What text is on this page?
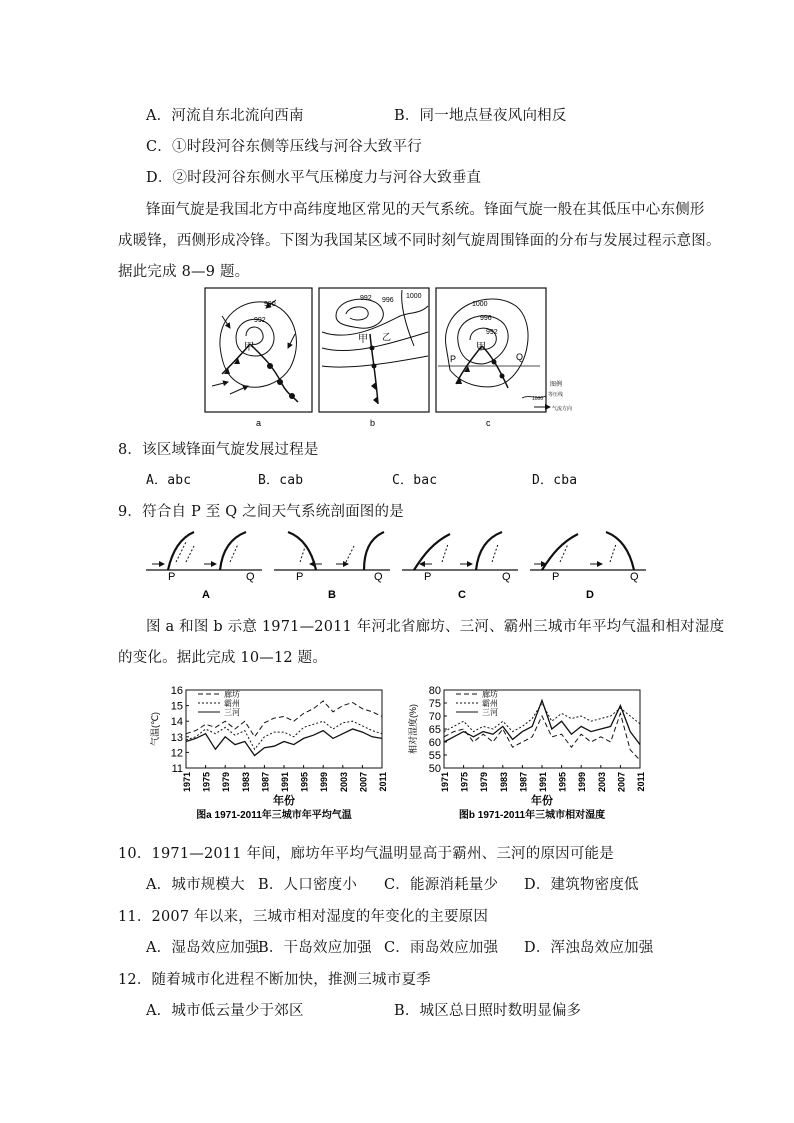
A．河流自东北流向西南	B．同一地点昼夜风向相反
C．①时段河谷东侧等压线与河谷大致平行
D．②时段河谷东侧水平气压梯度力与河谷大致垂直
锋面气旋是我国北方中高纬度地区常见的天气系统。锋面气旋一般在其低压中心东侧形
成暖锋，西侧形成冷锋。下图为我国某区域不同时刻气旋周围锋面的分布与发展过程示意图。
据此完成 8—9 题。
990
992
甲
a
992 996
1000
甲 乙
b
1000
996
992
甲
P	Q
c
图例
1000
等压线
气流方向
8．该区域锋面气旋发展过程是
A．abc	B．cab	C．bac	D．cba
9．符合自 P 至 Q 之间天气系统剖面图的是
P	Q
A
P	Q
B
P	Q
C
P	Q
D
图 a 和图 b 示意 1971—2011 年河北省廊坊、三河、霸州三城市年平均气温和相对湿度
的变化。据此完成 10—12 题。
11
12
13
14
15
16
1971 1975 1979 1983 1987 1991 1995 1999 2003 2007 2011
气温(℃)
年份
图a 1971-2011年三城市年平均气温
廊坊
霸州
三河
50
55
60
65
70
75
80
1971 1975 1979 1983 1987 1991 1995 1999 2003 2007 2011
相对湿度(%)
年份
图b 1971-2011年三城市相对湿度
廊坊
霸州
三河
10．1971—2011 年间，廊坊年平均气温明显高于霸州、三河的原因可能是
A．城市规模大 B．人口密度小 C．能源消耗量少 D．建筑物密度低
11．2007 年以来，三城市相对湿度的年变化的主要原因
A．湿岛效应加强
B．干岛效应加强 C．雨岛效应加强 D．浑浊岛效应加强
12．随着城市化进程不断加快，推测三城市夏季
A．城市低云量少于郊区	B．城区总日照时数明显偏多
